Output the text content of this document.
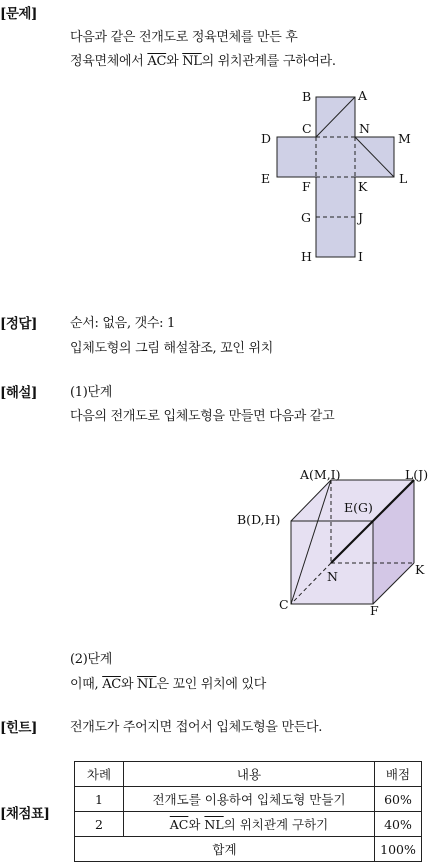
[문제]
다음과 같은 전개도로 정육면체를 만든 후
정육면체에서 $\overline{AC}$와 $\overline{NL}$의 위치관계를 구하여라.
B	A
C	N
M
D
E
F	K
L
G	J
H	I
A(M,I)	L(J)
B(D,H)
E(G)
N	K
C	F
[정답]	순서: 없음, 갯수: 1
입체도형의 그림 해설참조, 꼬인 위치
[해설]	(1)단계
다음의 전개도로 입체도형을 만들면 다음과 같고
(2)단계
이때, $\overline{AC}$와 $\overline{NL}$은 꼬인 위치에 있다
[힌트]	전개도가 주어지면 접어서 입체도형을 만든다.
[채점표]
차례	내용	배점
1	전개도를 이용하여 입체도형 만들기	60%
2	$\overline{AC}$와 $\overline{NL}$의 위치관계 구하기	40%
합계		100%
